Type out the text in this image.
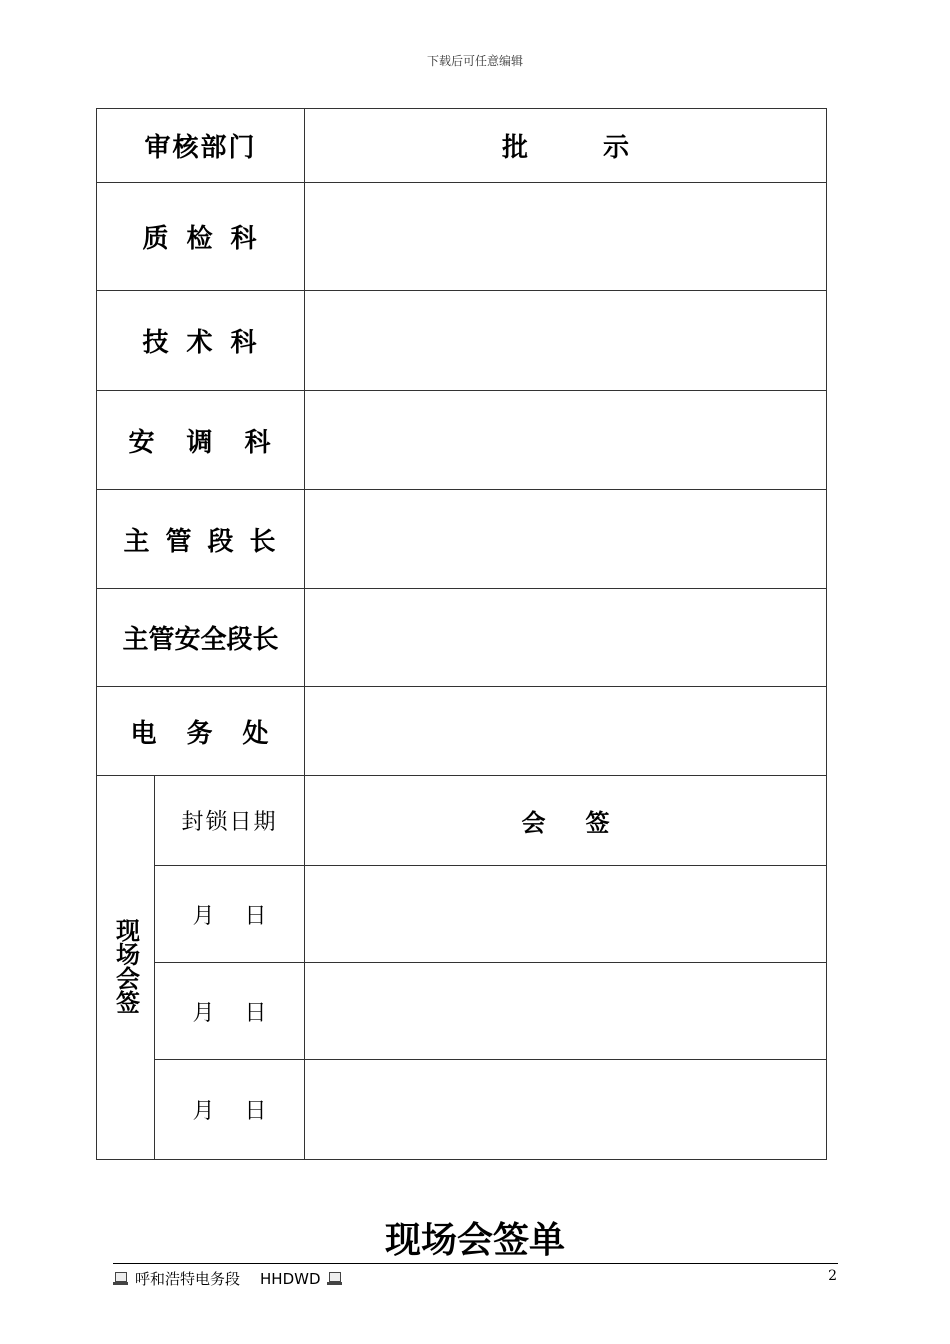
下载后可任意编辑
审核部门		批 示
质 检 科		
技 术 科		
安 调 科		
主 管 段 长		
主管安全段长		
电 务 处		
现场会签	封锁日期	会 签
	月 日	
	月 日	
	月 日	
现场会签单
呼和浩特电务段 HHDWD	2
